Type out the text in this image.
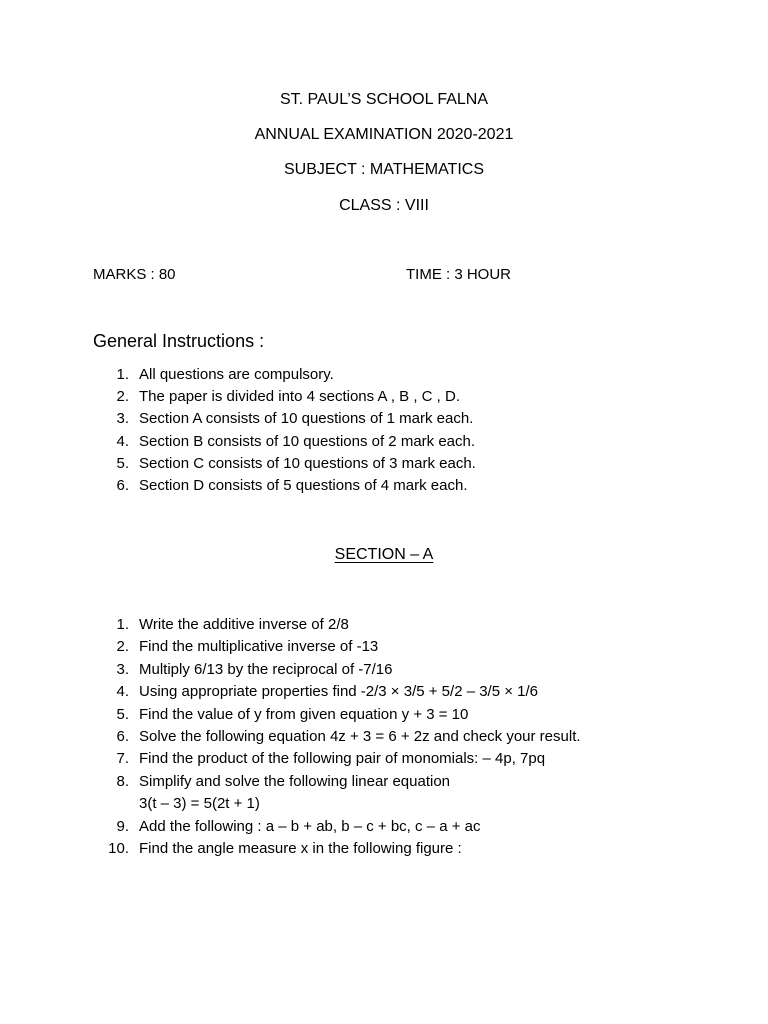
ST. PAUL’S SCHOOL FALNA
ANNUAL EXAMINATION 2020-2021
SUBJECT : MATHEMATICS
CLASS : VIII
MARKS : 80	TIME : 3 HOUR
General Instructions :
1. All questions are compulsory.
2. The paper is divided into 4 sections A , B , C , D.
3. Section A consists of 10 questions of 1 mark each.
4. Section B consists of 10 questions of 2 mark each.
5. Section C consists of 10 questions of 3 mark each.
6. Section D consists of 5 questions of 4 mark each.
SECTION – A
1. Write the additive inverse of 2/8
2. Find the multiplicative inverse of -13
3. Multiply 6/13 by the reciprocal of -7/16
4. Using appropriate properties find -2/3 × 3/5 + 5/2 – 3/5 × 1/6
5. Find the value of y from given equation y + 3 = 10
6. Solve the following equation 4z + 3 = 6 + 2z and check your result.
7. Find the product of the following pair of monomials: – 4p, 7pq
8. Simplify and solve the following linear equation
3(t – 3) = 5(2t + 1)
9. Add the following : a – b + ab, b – c + bc, c – a + ac
10. Find the angle measure x in the following figure :
